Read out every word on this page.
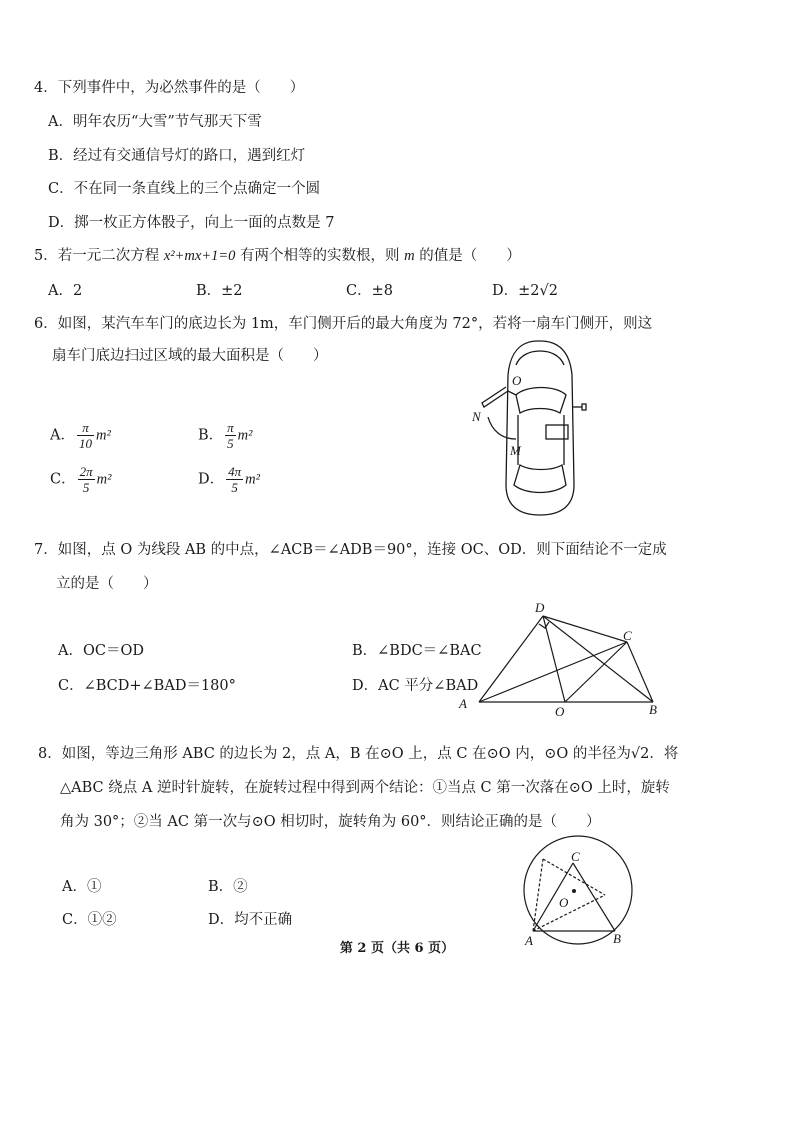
4．下列事件中，为必然事件的是（　　）
A．明年农历“大雪”节气那天下雪
B．经过有交通信号灯的路口，遇到红灯
C．不在同一条直线上的三个点确定一个圆
D．掷一枚正方体骰子，向上一面的点数是 7
5．若一元二次方程 x²+mx+1=0 有两个相等的实数根，则 m 的值是（　　）
A．2	B．±2	C．±8	D．±2√2
6．如图，某汽车车门的底边长为 1m，车门侧开后的最大角度为 72°，若将一扇车门侧开，则这
扇车门底边扫过区域的最大面积是（　　）
A． $\frac{\pi}{10} m^2$	B． $\frac{\pi}{5} m^2$
C． $\frac{2\pi}{5} m^2$	D． $\frac{4\pi}{5} m^2$
O
N
M
7．如图，点 O 为线段 AB 的中点，∠ACB＝∠ADB＝90°，连接 OC、OD．则下面结论不一定成
立的是（　　）
A．OC＝OD	B．∠BDC＝∠BAC
C．∠BCD+∠BAD＝180°	D．AC 平分∠BAD
D
C
A
O	B
8．如图，等边三角形 ABC 的边长为 2，点 A，B 在⊙O 上，点 C 在⊙O 内，⊙O 的半径为√2．将
△ABC 绕点 A 逆时针旋转，在旋转过程中得到两个结论：①当点 C 第一次落在⊙O 上时，旋转
角为 30°；②当 AC 第一次与⊙O 相切时，旋转角为 60°．则结论正确的是（　　）
A．①	B．②
C．①②	D．均不正确
C
O
A	B
第 2 页（共 6 页）
